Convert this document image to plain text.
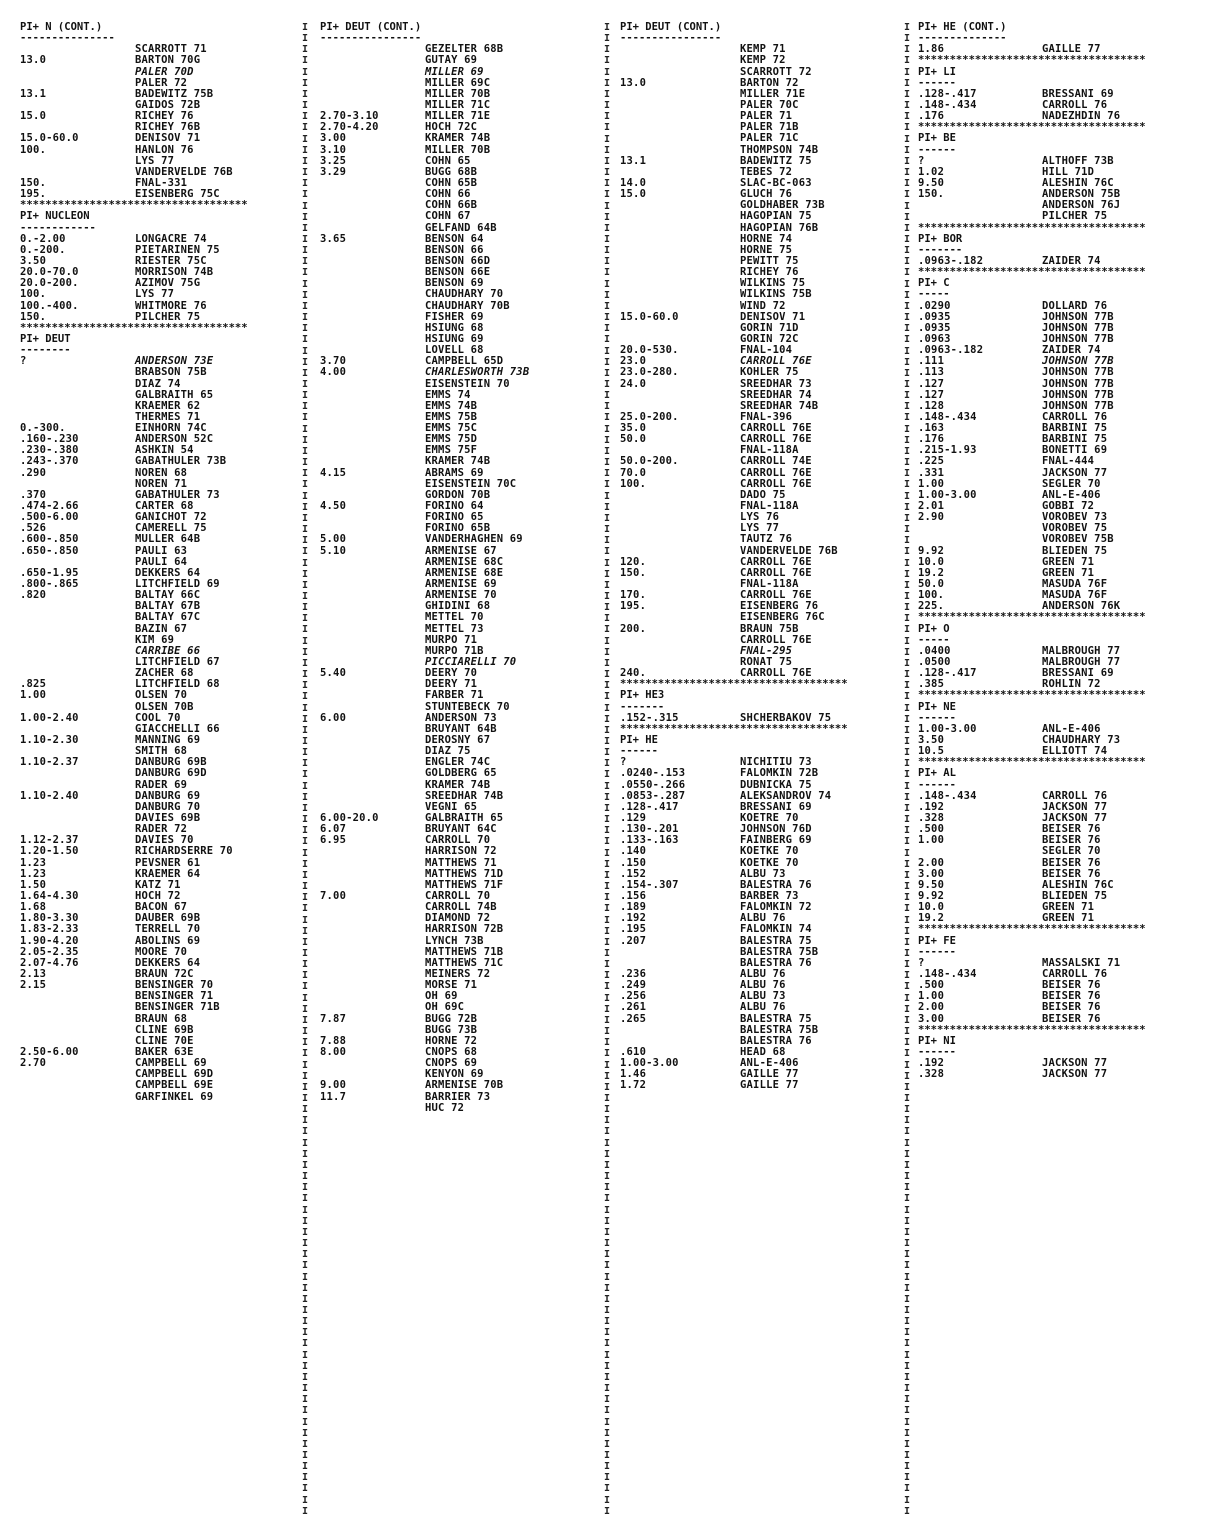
PI+ N (CONT.)
---------------
SCARROTT 71
13.0	BARTON 70G
PALER 70D
PALER 72
13.1	BADEWITZ 75B
GAIDOS 72B
15.0	RICHEY 76
RICHEY 76B
15.0-60.0	DENISOV 71
100.	HANLON 76
LYS 77
VANDERVELDE 76B
150.	FNAL-331
195.	EISENBERG 75C
************************************
PI+ NUCLEON
------------
0.-2.00	LONGACRE 74
0.-200.	PIETARINEN 75
3.50	RIESTER 75C
20.0-70.0	MORRISON 74B
20.0-200.	AZIMOV 75G
100.	LYS 77
100.-400.	WHITMORE 76
150.	PILCHER 75
************************************
PI+ DEUT
--------
?	ANDERSON 73E
BRABSON 75B
DIAZ 74
GALBRAITH 65
KRAEMER 62
THERMES 71
0.-300.	EINHORN 74C
.160-.230	ANDERSON 52C
.230-.380	ASHKIN 54
.243-.370	GABATHULER 73B
.290	NOREN 68
NOREN 71
.370	GABATHULER 73
.474-2.66	CARTER 68
.500-6.00	GANICHOT 72
.526	CAMERELL 75
.600-.850	MULLER 64B
.650-.850	PAULI 63
PAULI 64
.650-1.95	DEKKERS 64
.800-.865	LITCHFIELD 69
.820	BALTAY 66C
BALTAY 67B
BALTAY 67C
BAZIN 67
KIM 69
CARRIBE 66
LITCHFIELD 67
ZACHER 68
.825	LITCHFIELD 68
1.00	OLSEN 70
OLSEN 70B
1.00-2.40	COOL 70
GIACCHELLI 66
1.10-2.30	MANNING 69
SMITH 68
1.10-2.37	DANBURG 69B
DANBURG 69D
RADER 69
1.10-2.40	DANBURG 69
DANBURG 70
DAVIES 69B
RADER 72
1.12-2.37	DAVIES 70
1.20-1.50	RICHARDSERRE 70
1.23	PEVSNER 61
1.23	KRAEMER 64
1.50	KATZ 71
1.64-4.30	HOCH 72
1.68	BACON 67
1.80-3.30	DAUBER 69B
1.83-2.33	TERRELL 70
1.90-4.20	ABOLINS 69
2.05-2.35	MOORE 70
2.07-4.76	DEKKERS 64
2.13	BRAUN 72C
2.15	BENSINGER 70
BENSINGER 71
BENSINGER 71B
BRAUN 68
CLINE 69B
CLINE 70E
2.50-6.00	BAKER 63E
2.70	CAMPBELL 69
CAMPBELL 69D
CAMPBELL 69E
GARFINKEL 69
I
I
I
I
I
I
I
I
I
I
I
I
I
I
I
I
I
I
I
I
I
I
I
I
I
I
I
I
I
I
I
I
I
I
I
I
I
I
I
I
I
I
I
I
I
I
I
I
I
I
I
I
I
I
I
I
I
I
I
I
I
I
I
I
I
I
I
I
I
I
I
I
I
I
I
I
I
I
I
I
I
I
I
I
I
I
I
I
I
I
I
I
I
I
I
I
I
I
I
I
I
I
I
I
I
I
I
I
I
I
I
I
I
I
I
I
I
I
I
I
I
I
I
I
I
I
I
I
I
I
I
I
I
I

PI+ DEUT (CONT.)
----------------
GEZELTER 68B
GUTAY 69
MILLER 69
MILLER 69C
MILLER 70B
MILLER 71C
2.70-3.10	MILLER 71E
2.70-4.20	HOCH 72C
3.00	KRAMER 74B
3.10	MILLER 70B
3.25	COHN 65
3.29	BUGG 68B
COHN 65B
COHN 66
COHN 66B
COHN 67
GELFAND 64B
3.65	BENSON 64
BENSON 66
BENSON 66D
BENSON 66E
BENSON 69
CHAUDHARY 70
CHAUDHARY 70B
FISHER 69
HSIUNG 68
HSIUNG 69
LOVELL 68
3.70	CAMPBELL 65D
4.00	CHARLESWORTH 73B
EISENSTEIN 70
EMMS 74
EMMS 74B
EMMS 75B
EMMS 75C
EMMS 75D
EMMS 75F
KRAMER 74B
4.15	ABRAMS 69
EISENSTEIN 70C
GORDON 70B
4.50	FORINO 64
FORINO 65
FORINO 65B
5.00	VANDERHAGHEN 69
5.10	ARMENISE 67
ARMENISE 68C
ARMENISE 68E
ARMENISE 69
ARMENISE 70
GHIDINI 68
METTEL 70
METTEL 73
MURPO 71
MURPO 71B
PICCIARELLI 70
5.40	DEERY 70
DEERY 71
FARBER 71
STUNTEBECK 70
6.00	ANDERSON 73
BRUYANT 64B
DEROSNY 67
DIAZ 75
ENGLER 74C
GOLDBERG 65
KRAMER 74B
SREEDHAR 74B
VEGNI 65
6.00-20.0	GALBRAITH 65
6.07	BRUYANT 64C
6.95	CARROLL 70
HARRISON 72
MATTHEWS 71
MATTHEWS 71D
MATTHEWS 71F
7.00	CARROLL 70
CARROLL 74B
DIAMOND 72
HARRISON 72B
LYNCH 73B
MATTHEWS 71B
MATTHEWS 71C
MEINERS 72
MORSE 71
OH 69
OH 69C
7.87	BUGG 72B
BUGG 73B
7.88	HORNE 72
8.00	CNOPS 68
CNOPS 69
KENYON 69
9.00	ARMENISE 70B
11.7	BARRIER 73
HUC 72
I
I
I
I
I
I
I
I
I
I
I
I
I
I
I
I
I
I
I
I
I
I
I
I
I
I
I
I
I
I
I
I
I
I
I
I
I
I
I
I
I
I
I
I
I
I
I
I
I
I
I
I
I
I
I
I
I
I
I
I
I
I
I
I
I
I
I
I
I
I
I
I
I
I
I
I
I
I
I
I
I
I
I
I
I
I
I
I
I
I
I
I
I
I
I
I
I
I
I
I
I
I
I
I
I
I
I
I
I
I
I
I
I
I
I
I
I
I
I
I
I
I
I
I
I
I
I
I
I
I
I
I
I
I

PI+ DEUT (CONT.)
----------------
KEMP 71
KEMP 72
SCARROTT 72
13.0	BARTON 72
MILLER 71E
PALER 70C
PALER 71
PALER 71B
PALER 71C
THOMPSON 74B
13.1	BADEWITZ 75
TEBES 72
14.0	SLAC-BC-063
15.0	GLUCH 76
GOLDHABER 73B
HAGOPIAN 75
HAGOPIAN 76B
HORNE 74
HORNE 75
PEWITT 75
RICHEY 76
WILKINS 75
WILKINS 75B
WIND 72
15.0-60.0	DENISOV 71
GORIN 71D
GORIN 72C
20.0-530.	FNAL-104
23.0	CARROLL 76E
23.0-280.	KOHLER 75
24.0	SREEDHAR 73
SREEDHAR 74
SREEDHAR 74B
25.0-200.	FNAL-396
35.0	CARROLL 76E
50.0	CARROLL 76E
FNAL-118A
50.0-200.	CARROLL 74E
70.0	CARROLL 76E
100.	CARROLL 76E
DADO 75
FNAL-118A
LYS 76
LYS 77
TAUTZ 76
VANDERVELDE 76B
120.	CARROLL 76E
150.	CARROLL 76E
FNAL-118A
170.	CARROLL 76E
195.	EISENBERG 76
EISENBERG 76C
200.	BRAUN 75B
CARROLL 76E
FNAL-295
RONAT 75
240.	CARROLL 76E
************************************
PI+ HE3
-------
.152-.315	SHCHERBAKOV 75
************************************
PI+ HE
------
?	NICHITIU 73
.0240-.153	FALOMKIN 72B
.0550-.266	DUBNICKA 75
.0853-.287	ALEKSANDROV 74
.128-.417	BRESSANI 69
.129	KOETRE 70
.130-.201	JOHNSON 76D
.133-.163	FAINBERG 69
.140	KOETKE 70
.150	KOETKE 70
.152	ALBU 73
.154-.307	BALESTRA 76
.156	BARBER 73
.189	FALOMKIN 72
.192	ALBU 76
.195	FALOMKIN 74
.207	BALESTRA 75
BALESTRA 75B
BALESTRA 76
.236	ALBU 76
.249	ALBU 76
.256	ALBU 73
.261	ALBU 76
.265	BALESTRA 75
BALESTRA 75B
BALESTRA 76
.610	HEAD 68
1.00-3.00	ANL-E-406
1.46	GAILLE 77
1.72	GAILLE 77
I
I
I
I
I
I
I
I
I
I
I
I
I
I
I
I
I
I
I
I
I
I
I
I
I
I
I
I
I
I
I
I
I
I
I
I
I
I
I
I
I
I
I
I
I
I
I
I
I
I
I
I
I
I
I
I
I
I
I
I
I
I
I
I
I
I
I
I
I
I
I
I
I
I
I
I
I
I
I
I
I
I
I
I
I
I
I
I
I
I
I
I
I
I
I
I
I
I
I
I
I
I
I
I
I
I
I
I
I
I
I
I
I
I
I
I
I
I
I
I
I
I
I
I
I
I
I
I
I
I
I
I
I
I

PI+ HE (CONT.)
--------------
1.86	GAILLE 77
************************************
PI+ LI
------
.128-.417	BRESSANI 69
.148-.434	CARROLL 76
.176	NADEZHDIN 76
************************************
PI+ BE
------
?	ALTHOFF 73B
1.02	HILL 71D
9.50	ALESHIN 76C
150.	ANDERSON 75B
ANDERSON 76J
PILCHER 75
************************************
PI+ BOR
-------
.0963-.182	ZAIDER 74
************************************
PI+ C
-----
.0290	DOLLARD 76
.0935	JOHNSON 77B
.0935	JOHNSON 77B
.0963	JOHNSON 77B
.0963-.182	ZAIDER 74
.111	JOHNSON 77B
.113	JOHNSON 77B
.127	JOHNSON 77B
.127	JOHNSON 77B
.128	JOHNSON 77B
.148-.434	CARROLL 76
.163	BARBINI 75
.176	BARBINI 75
.215-1.93	BONETTI 69
.225	FNAL-444
.331	JACKSON 77
1.00	SEGLER 70
1.00-3.00	ANL-E-406
2.01	GOBBI 72
2.90	VOROBEV 73
VOROBEV 75
VOROBEV 75B
9.92	BLIEDEN 75
10.0	GREEN 71
19.2	GREEN 71
50.0	MASUDA 76F
100.	MASUDA 76F
225.	ANDERSON 76K
************************************
PI+ O
-----
.0400	MALBROUGH 77
.0500	MALBROUGH 77
.128-.417	BRESSANI 69
.385	ROHLIN 72
************************************
PI+ NE
------
1.00-3.00	ANL-E-406
3.50	CHAUDHARY 73
10.5	ELLIOTT 74
************************************
PI+ AL
------
.148-.434	CARROLL 76
.192	JACKSON 77
.328	JACKSON 77
.500	BEISER 76
1.00	BEISER 76
SEGLER 70
2.00	BEISER 76
3.00	BEISER 76
9.50	ALESHIN 76C
9.92	BLIEDEN 75
10.0	GREEN 71
19.2	GREEN 71
************************************
PI+ FE
------
?	MASSALSKI 71
.148-.434	CARROLL 76
.500	BEISER 76
1.00	BEISER 76
2.00	BEISER 76
3.00	BEISER 76
************************************
PI+ NI
------
.192	JACKSON 77
.328	JACKSON 77
